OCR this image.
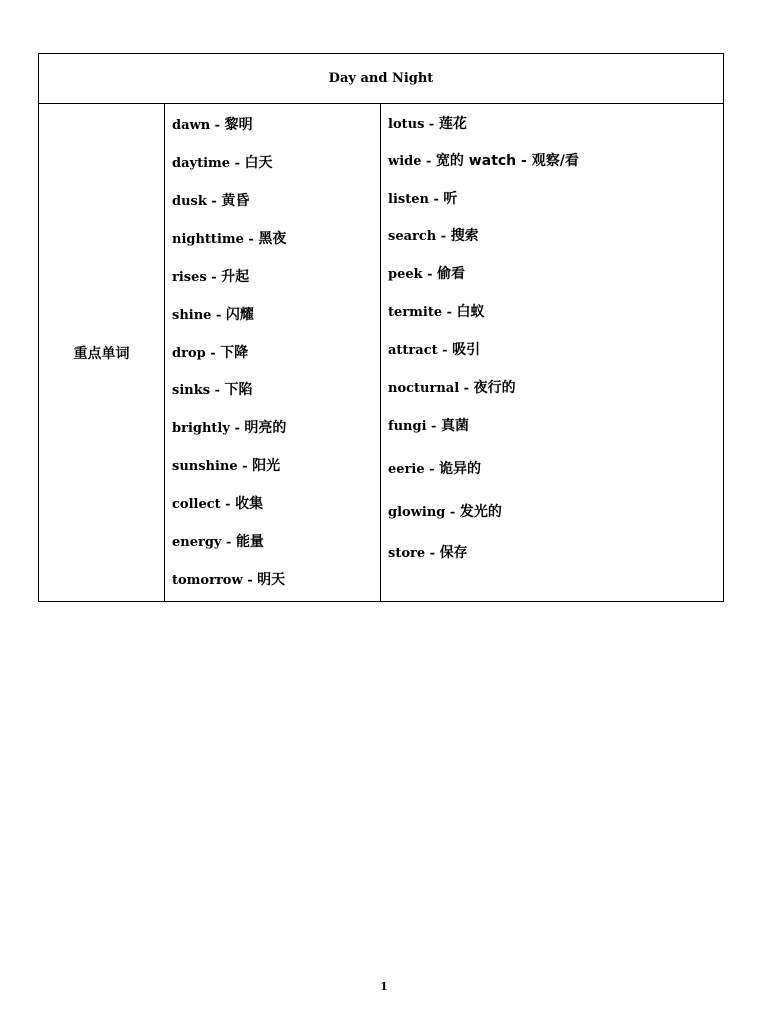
Day and Night
重点单词
dawn - 黎明
daytime - 白天
dusk - 黄昏
nighttime - 黑夜
rises - 升起
shine - 闪耀
drop - 下降
sinks - 下陷
brightly - 明亮的
sunshine - 阳光
collect - 收集
energy - 能量
tomorrow - 明天
lotus - 莲花
wide - 宽的 watch - 观察/看
listen - 听
search - 搜索
peek - 偷看
termite - 白蚁
attract - 吸引
nocturnal - 夜行的
fungi - 真菌
eerie - 诡异的
glowing - 发光的
store - 保存
1
